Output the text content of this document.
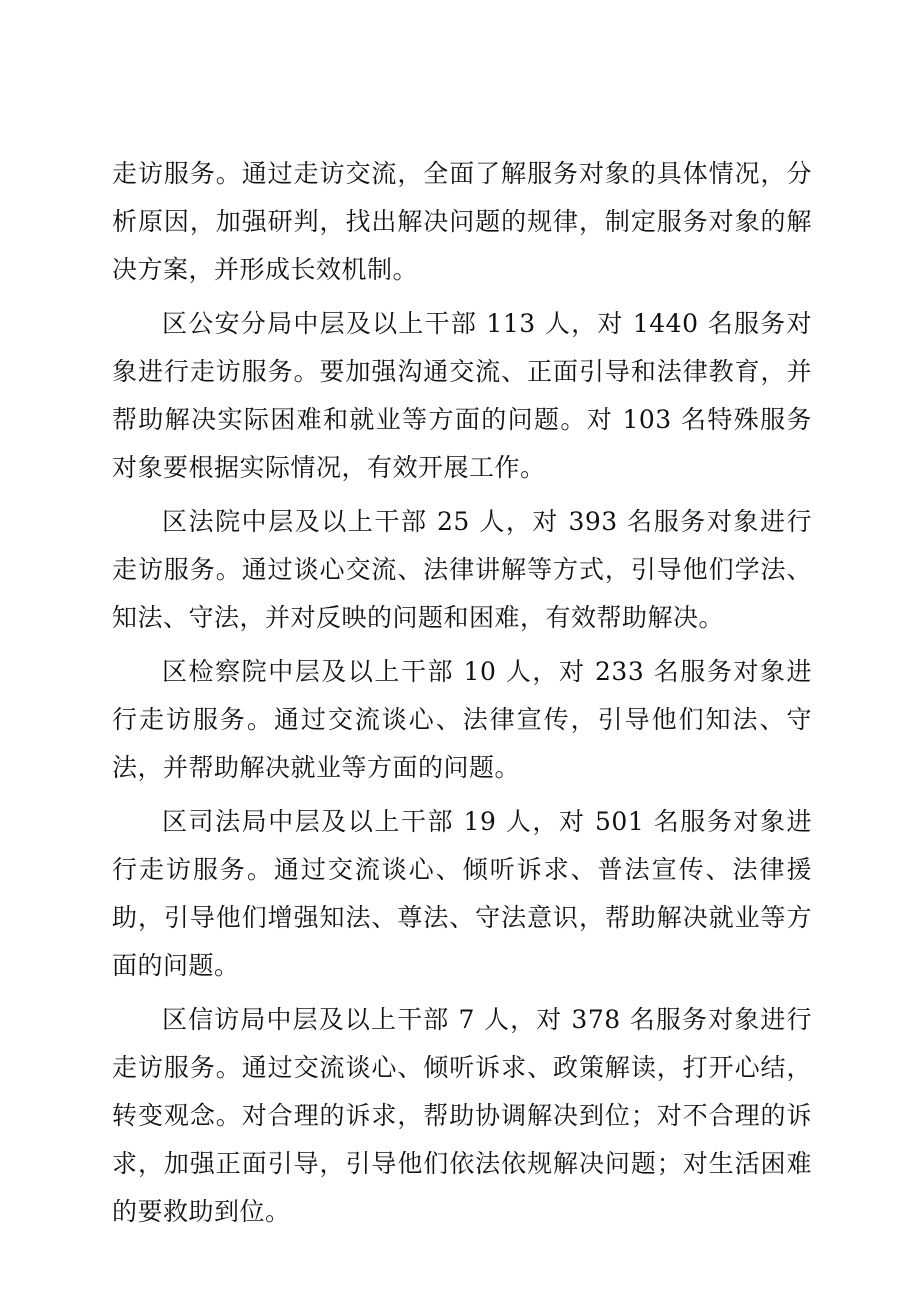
走访服务。通过走访交流，全面了解服务对象的具体情况，分析原因，加强研判，找出解决问题的规律，制定服务对象的解决方案，并形成长效机制。

区公安分局中层及以上干部 113 人，对 1440 名服务对象进行走访服务。要加强沟通交流、正面引导和法律教育，并帮助解决实际困难和就业等方面的问题。对 103 名特殊服务对象要根据实际情况，有效开展工作。

区法院中层及以上干部 25 人，对 393 名服务对象进行走访服务。通过谈心交流、法律讲解等方式，引导他们学法、知法、守法，并对反映的问题和困难，有效帮助解决。

区检察院中层及以上干部 10 人，对 233 名服务对象进行走访服务。通过交流谈心、法律宣传，引导他们知法、守法，并帮助解决就业等方面的问题。

区司法局中层及以上干部 19 人，对 501 名服务对象进行走访服务。通过交流谈心、倾听诉求、普法宣传、法律援助，引导他们增强知法、尊法、守法意识，帮助解决就业等方面的问题。

区信访局中层及以上干部 7 人，对 378 名服务对象进行走访服务。通过交流谈心、倾听诉求、政策解读，打开心结，转变观念。对合理的诉求，帮助协调解决到位；对不合理的诉求，加强正面引导，引导他们依法依规解决问题；对生活困难的要救助到位。
